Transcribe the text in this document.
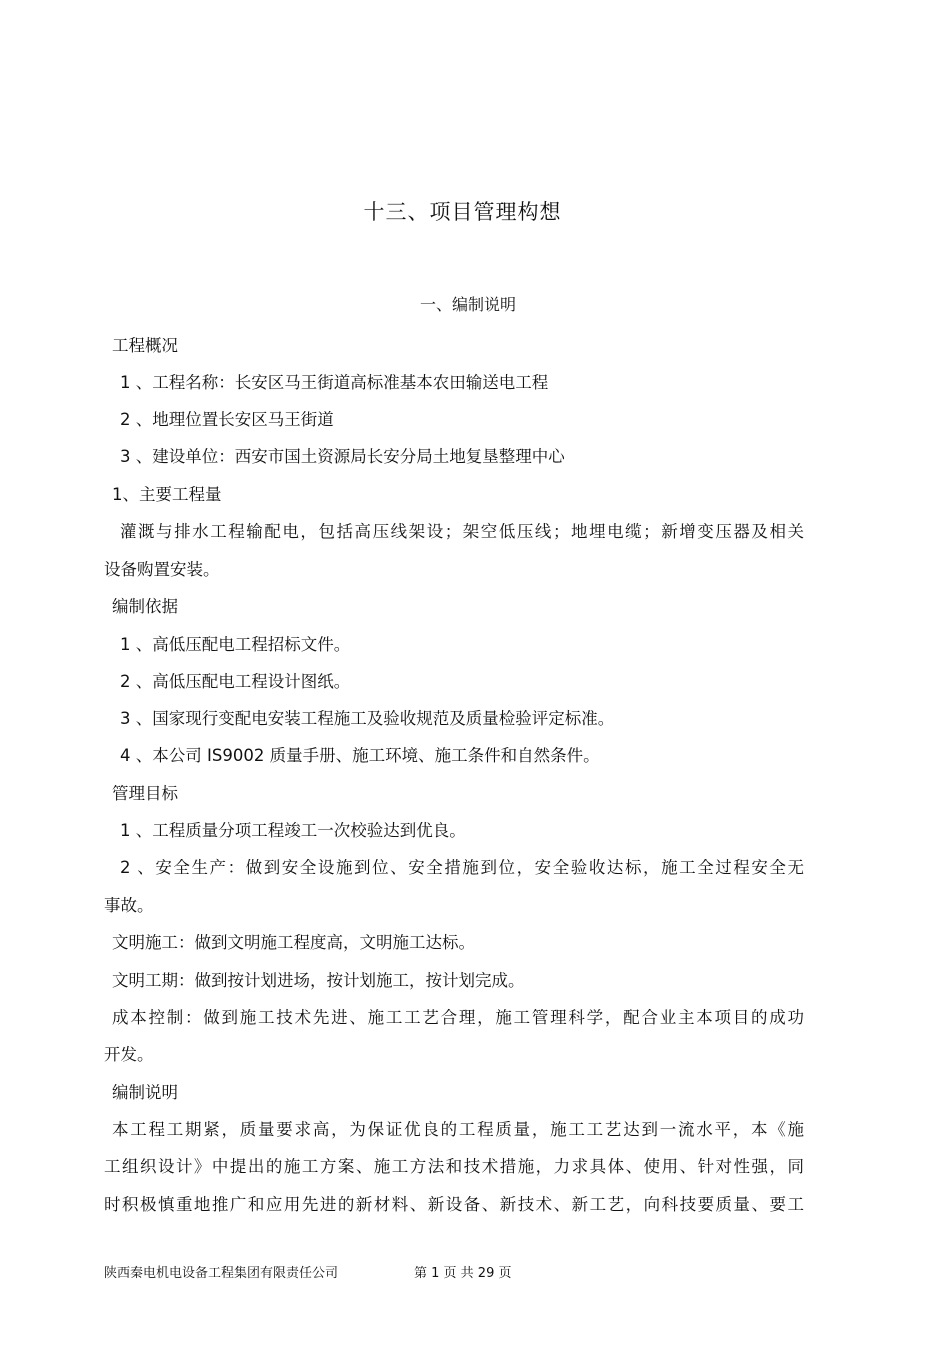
十三、项目管理构想
一、编制说明
工程概况
1 、工程名称：长安区马王街道高标准基本农田输送电工程
2 、地理位置长安区马王街道
3 、建设单位：西安市国土资源局长安分局土地复垦整理中心
1、主要工程量
灌溉与排水工程输配电，包括高压线架设；架空低压线；地埋电缆；新增变压器及相关
设备购置安装。
编制依据
1 、高低压配电工程招标文件。
2 、高低压配电工程设计图纸。
3 、国家现行变配电安装工程施工及验收规范及质量检验评定标准。
4 、本公司 IS9002 质量手册、施工环境、施工条件和自然条件。
管理目标
1 、工程质量分项工程竣工一次校验达到优良。
2 、安全生产：做到安全设施到位、安全措施到位，安全验收达标，施工全过程安全无
事故。
文明施工：做到文明施工程度高，文明施工达标。
文明工期：做到按计划进场，按计划施工，按计划完成。
成本控制：做到施工技术先进、施工工艺合理，施工管理科学，配合业主本项目的成功
开发。
编制说明
本工程工期紧，质量要求高，为保证优良的工程质量，施工工艺达到一流水平，本《施
工组织设计》中提出的施工方案、施工方法和技术措施，力求具体、使用、针对性强，同
时积极慎重地推广和应用先进的新材料、新设备、新技术、新工艺，向科技要质量、要工
陕西秦电机电设备工程集团有限责任公司	第 1 页 共 29 页
